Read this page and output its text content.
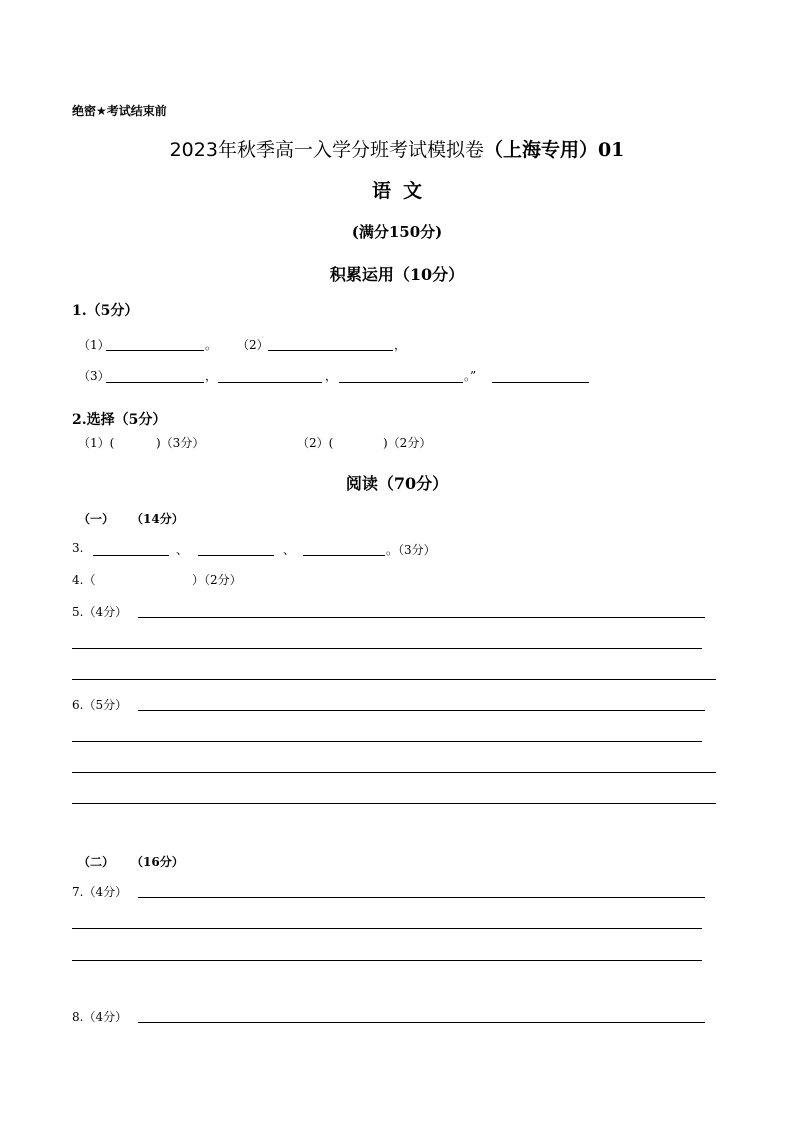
绝密★考试结束前
2023年秋季高一入学分班考试模拟卷（上海专用）01
语文
(满分150分)
积累运用（10分）
1.（5分）
（1）	。 （2）	，
（3）	，	，	。”
2.选择（5分）
（1）(	)（3分）	（2）(	)（2分）
阅读（70分）
（一） （14分）
3.	、	、	。（3分）
4.（	）（2分）
5.（4分）
6.（5分）
（二） （16分）
7.（4分）
8.（4分）
